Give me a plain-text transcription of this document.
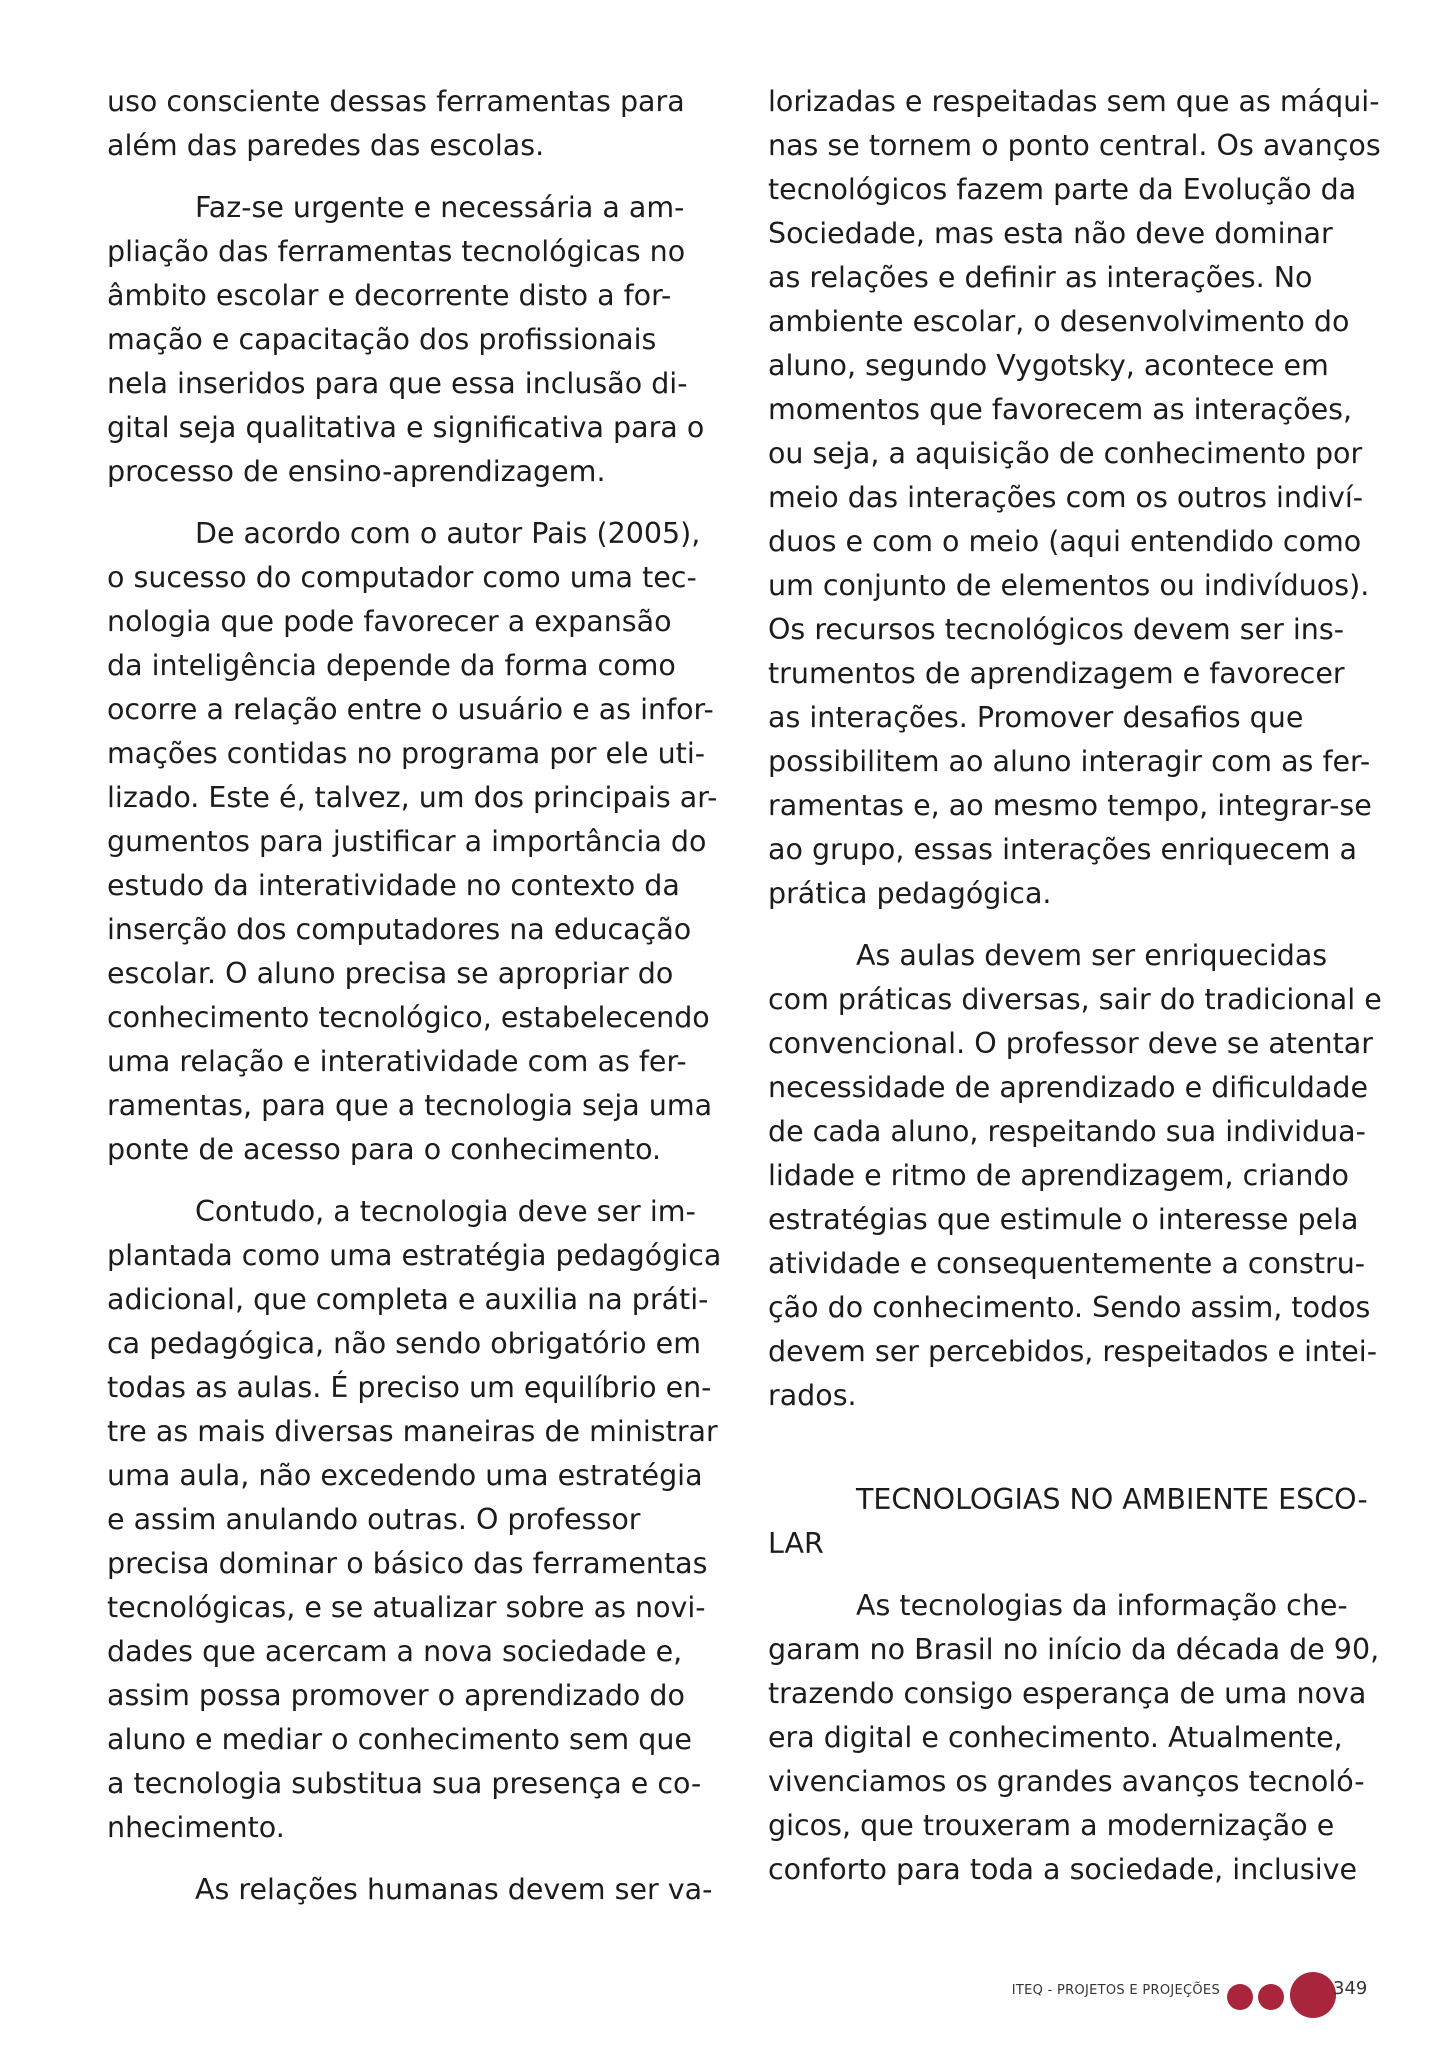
uso consciente dessas ferramentas para
além das paredes das escolas.
Faz-se urgente e necessária a am-
pliação das ferramentas tecnológicas no
âmbito escolar e decorrente disto a for-
mação e capacitação dos profissionais
nela inseridos para que essa inclusão di-
gital seja qualitativa e significativa para o
processo de ensino-aprendizagem.
De acordo com o autor Pais (2005),
o sucesso do computador como uma tec-
nologia que pode favorecer a expansão
da inteligência depende da forma como
ocorre a relação entre o usuário e as infor-
mações contidas no programa por ele uti-
lizado. Este é, talvez, um dos principais ar-
gumentos para justificar a importância do
estudo da interatividade no contexto da
inserção dos computadores na educação
escolar. O aluno precisa se apropriar do
conhecimento tecnológico, estabelecendo
uma relação e interatividade com as fer-
ramentas, para que a tecnologia seja uma
ponte de acesso para o conhecimento.
Contudo, a tecnologia deve ser im-
plantada como uma estratégia pedagógica
adicional, que completa e auxilia na práti-
ca pedagógica, não sendo obrigatório em
todas as aulas. É preciso um equilíbrio en-
tre as mais diversas maneiras de ministrar
uma aula, não excedendo uma estratégia
e assim anulando outras. O professor
precisa dominar o básico das ferramentas
tecnológicas, e se atualizar sobre as novi-
dades que acercam a nova sociedade e,
assim possa promover o aprendizado do
aluno e mediar o conhecimento sem que
a tecnologia substitua sua presença e co-
nhecimento.
As relações humanas devem ser va-
lorizadas e respeitadas sem que as máqui-
nas se tornem o ponto central. Os avanços
tecnológicos fazem parte da Evolução da
Sociedade, mas esta não deve dominar
as relações e definir as interações. No
ambiente escolar, o desenvolvimento do
aluno, segundo Vygotsky, acontece em
momentos que favorecem as interações,
ou seja, a aquisição de conhecimento por
meio das interações com os outros indiví-
duos e com o meio (aqui entendido como
um conjunto de elementos ou indivíduos).
Os recursos tecnológicos devem ser ins-
trumentos de aprendizagem e favorecer
as interações. Promover desafios que
possibilitem ao aluno interagir com as fer-
ramentas e, ao mesmo tempo, integrar-se
ao grupo, essas interações enriquecem a
prática pedagógica.
As aulas devem ser enriquecidas
com práticas diversas, sair do tradicional e
convencional. O professor deve se atentar
necessidade de aprendizado e dificuldade
de cada aluno, respeitando sua individua-
lidade e ritmo de aprendizagem, criando
estratégias que estimule o interesse pela
atividade e consequentemente a constru-
ção do conhecimento. Sendo assim, todos
devem ser percebidos, respeitados e intei-
rados.
TECNOLOGIAS NO AMBIENTE ESCO-
LAR
As tecnologias da informação che-
garam no Brasil no início da década de 90,
trazendo consigo esperança de uma nova
era digital e conhecimento. Atualmente,
vivenciamos os grandes avanços tecnoló-
gicos, que trouxeram a modernização e
conforto para toda a sociedade, inclusive
ITEQ - PROJETOS E PROJEÇÕES	349
